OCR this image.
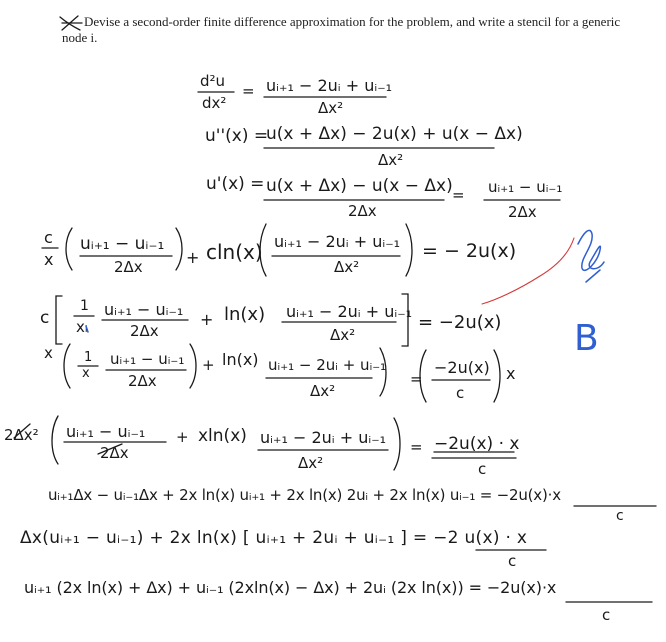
Devise a second-order finite difference approximation for the problem, and write a stencil for a generic node i.
d²u
dx²
= uᵢ₊₁ − 2uᵢ + uᵢ₋₁
Δx²
u''(x) =
u(x + Δx) − 2u(x) + u(x − Δx)
Δx²
u'(x) = u(x + Δx) − u(x − Δx)
2Δx
= uᵢ₊₁ − uᵢ₋₁
2Δx
c
x
uᵢ₊₁ − uᵢ₋₁
2Δx	+ cln(x) uᵢ₊₁ − 2uᵢ + uᵢ₋₁
Δx²
= − 2u(x)
c
1
xᵢ
uᵢ₊₁ − uᵢ₋₁
2Δx
+ ln(x) uᵢ₊₁ − 2uᵢ + uᵢ₋₁
Δx²
= −2u(x)
x 1
x
uᵢ₊₁ − uᵢ₋₁
2Δx
+ ln(x) uᵢ₊₁ − 2uᵢ + uᵢ₋₁
Δx²
=
−2u(x)
c
x
2Δx² uᵢ₊₁ − uᵢ₋₁
2Δx
+ xln(x) uᵢ₊₁ − 2uᵢ + uᵢ₋₁
Δx²
= −2u(x) · x
c
uᵢ₊₁Δx − uᵢ₋₁Δx + 2x ln(x) uᵢ₊₁ + 2x ln(x) 2uᵢ + 2x ln(x) uᵢ₋₁ = −2u(x)·x
c
Δx(uᵢ₊₁ − uᵢ₋₁) + 2x ln(x) [ uᵢ₊₁ + 2uᵢ + uᵢ₋₁ ] = −2 u(x) · x
c
uᵢ₊₁ (2x ln(x) + Δx) + uᵢ₋₁ (2xln(x) − Δx) + 2uᵢ (2x ln(x)) = −2u(x)·x
c
B
